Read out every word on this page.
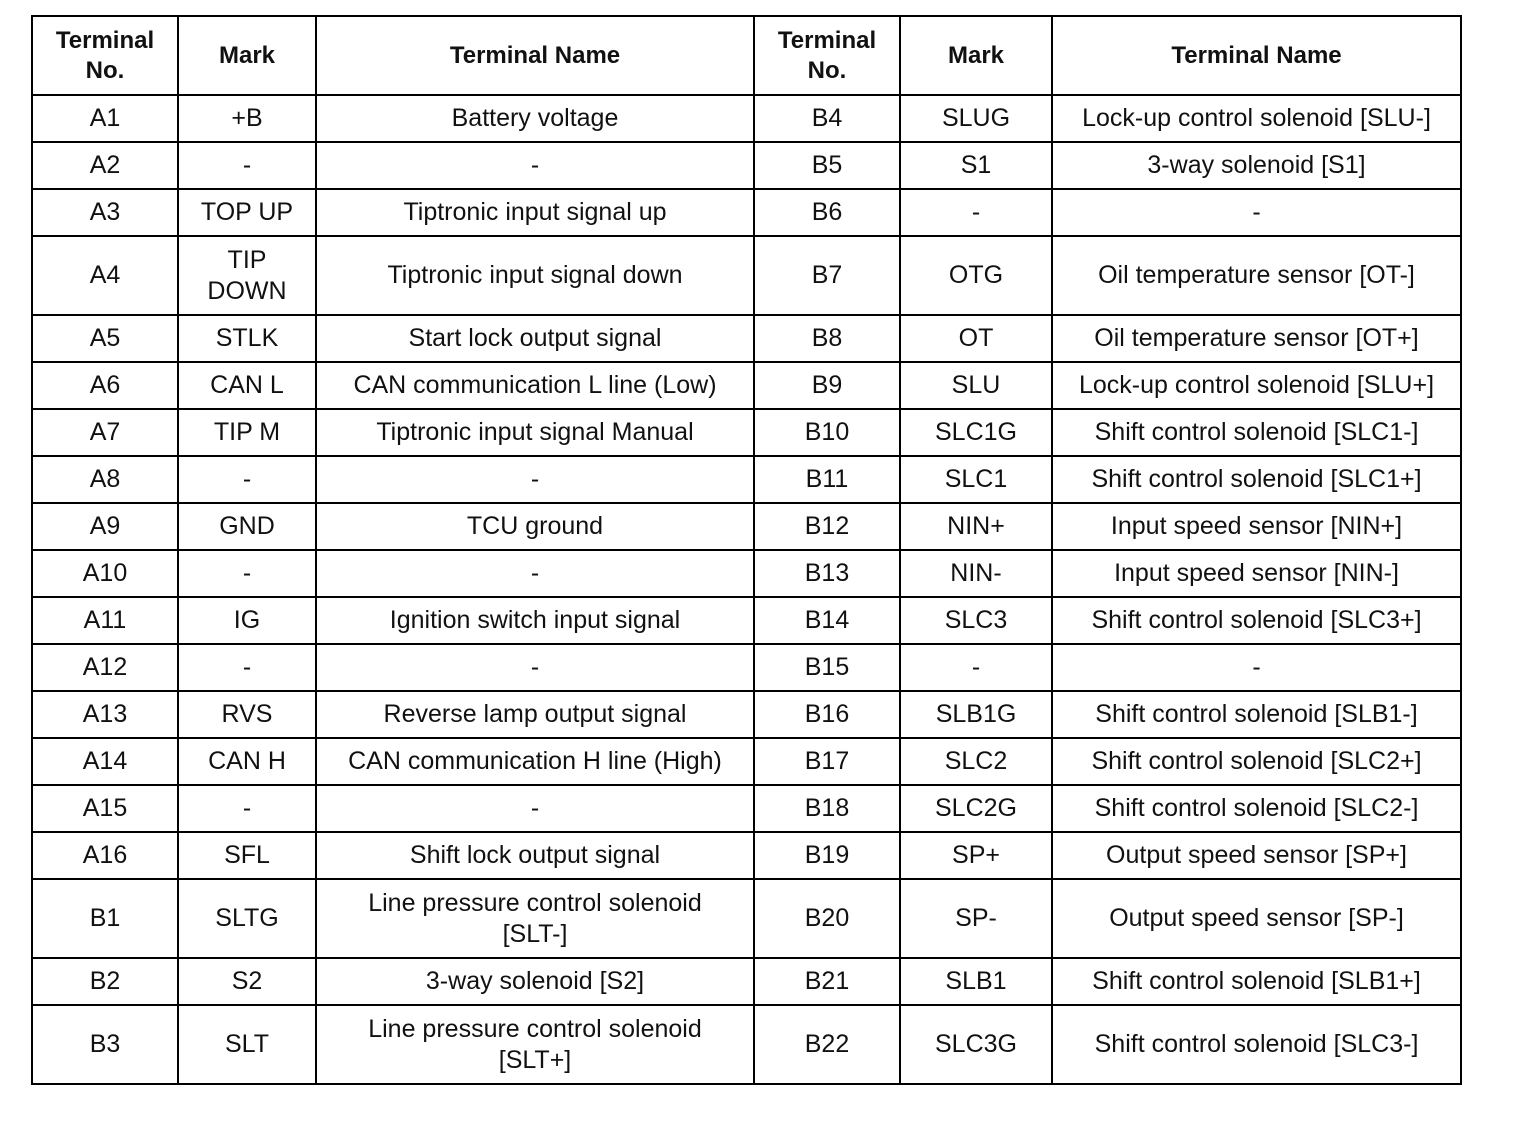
Terminal No.	Mark	Terminal Name	Terminal No.	Mark	Terminal Name
A1	+B	Battery voltage	B4	SLUG	Lock-up control solenoid [SLU-]
A2	-	-	B5	S1	3-way solenoid [S1]
A3	TOP UP	Tiptronic input signal up	B6	-	-
A4	TIP DOWN	Tiptronic input signal down	B7	OTG	Oil temperature sensor [OT-]
A5	STLK	Start lock output signal	B8	OT	Oil temperature sensor [OT+]
A6	CAN L	CAN communication L line (Low)	B9	SLU	Lock-up control solenoid [SLU+]
A7	TIP M	Tiptronic input signal Manual	B10	SLC1G	Shift control solenoid [SLC1-]
A8	-	-	B11	SLC1	Shift control solenoid [SLC1+]
A9	GND	TCU ground	B12	NIN+	Input speed sensor [NIN+]
A10	-	-	B13	NIN-	Input speed sensor [NIN-]
A11	IG	Ignition switch input signal	B14	SLC3	Shift control solenoid [SLC3+]
A12	-	-	B15	-	-
A13	RVS	Reverse lamp output signal	B16	SLB1G	Shift control solenoid [SLB1-]
A14	CAN H	CAN communication H line (High)	B17	SLC2	Shift control solenoid [SLC2+]
A15	-	-	B18	SLC2G	Shift control solenoid [SLC2-]
A16	SFL	Shift lock output signal	B19	SP+	Output speed sensor [SP+]
B1	SLTG	Line pressure control solenoid [SLT-]	B20	SP-	Output speed sensor [SP-]
B2	S2	3-way solenoid [S2]	B21	SLB1	Shift control solenoid [SLB1+]
B3	SLT	Line pressure control solenoid [SLT+]	B22	SLC3G	Shift control solenoid [SLC3-]
